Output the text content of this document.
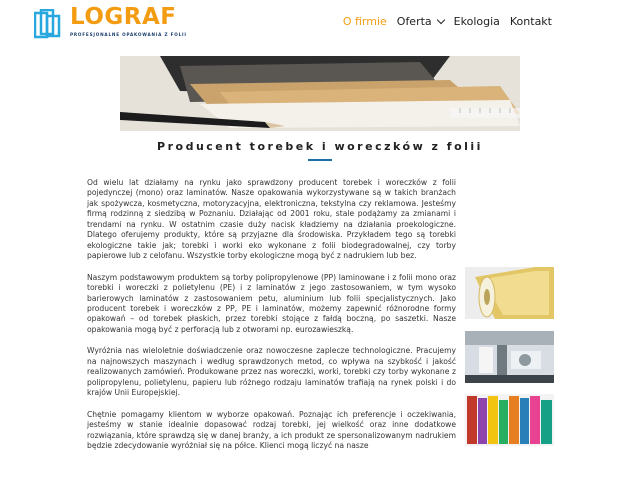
LOGRAF
PROFESJONALNE OPAKOWANIA Z FOLII
O firmie Oferta Ekologia Kontakt
Producent torebek i woreczków z folii

Od wielu lat działamy na rynku jako sprawdzony producent torebek i woreczków z folii pojedynczej (mono) oraz laminatów. Nasze opakowania wykorzystywane są w takich branżach jak spożywcza, kosmetyczna, motoryzacyjna, elektroniczna, tekstylna czy reklamowa. Jesteśmy firmą rodzinną z siedzibą w Poznaniu. Działając od 2001 roku, stale podążamy za zmianami i trendami na rynku. W ostatnim czasie duży nacisk kładziemy na działania proekologiczne. Dlatego oferujemy produkty, które są przyjazne dla środowiska. Przykładem tego są torebki ekologiczne takie jak; torebki i worki eko wykonane z folii biodegradowalnej, czy torby papierowe lub z celofanu. Wszystkie torby ekologiczne mogą być z nadrukiem lub bez.

Naszym podstawowym produktem są torby polipropylenowe (PP) laminowane i z folii mono oraz torebki i woreczki z polietylenu (PE) i z laminatów z jego zastosowaniem, w tym wysoko barierowych laminatów z zastosowaniem petu, aluminium lub folii specjalistycznych. Jako producent torebek i woreczków z PP, PE i laminatów, możemy zapewnić różnorodne formy opakowań – od torebek płaskich, przez torebki stojące z fałdą boczną, po saszetki. Nasze opakowania mogą być z perforacją lub z otworami np. eurozawieszką.

Wyróżnia nas wieloletnie doświadczenie oraz nowoczesne zaplecze technologiczne. Pracujemy na najnowszych maszynach i według sprawdzonych metod, co wpływa na szybkość i jakość realizowanych zamówień. Produkowane przez nas woreczki, worki, torebki czy torby wykonane z polipropylenu, polietylenu, papieru lub różnego rodzaju laminatów trafiają na rynek polski i do krajów Unii Europejskiej.

Chętnie pomagamy klientom w wyborze opakowań. Poznając ich preferencje i oczekiwania, jesteśmy w stanie idealnie dopasować rodzaj torebki, jej wielkość oraz inne dodatkowe rozwiązania, które sprawdzą się w danej branży, a ich produkt ze spersonalizowanym nadrukiem będzie zdecydowanie wyróżniał się na półce. Klienci mogą liczyć na nasze
